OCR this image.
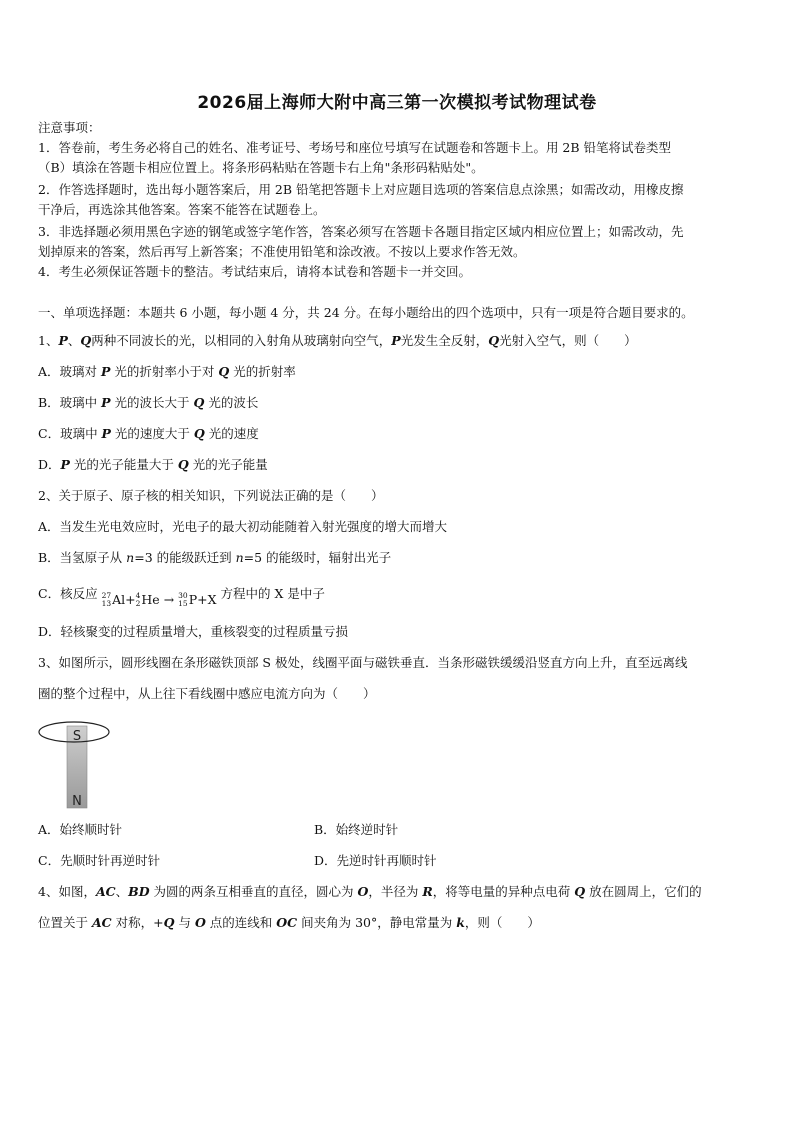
2026届上海师大附中高三第一次模拟考试物理试卷
注意事项：
1．答卷前，考生务必将自己的姓名、准考证号、考场号和座位号填写在试题卷和答题卡上。用 2B 铅笔将试卷类型
（B）填涂在答题卡相应位置上。将条形码粘贴在答题卡右上角"条形码粘贴处"。
2．作答选择题时，选出每小题答案后，用 2B 铅笔把答题卡上对应题目选项的答案信息点涂黑；如需改动，用橡皮擦
干净后，再选涂其他答案。答案不能答在试题卷上。
3．非选择题必须用黑色字迹的钢笔或签字笔作答，答案必须写在答题卡各题目指定区域内相应位置上；如需改动，先
划掉原来的答案，然后再写上新答案；不准使用铅笔和涂改液。不按以上要求作答无效。
4．考生必须保证答题卡的整洁。考试结束后，请将本试卷和答题卡一并交回。
一、单项选择题：本题共 6 小题，每小题 4 分，共 24 分。在每小题给出的四个选项中，只有一项是符合题目要求的。
1、P、Q两种不同波长的光，以相同的入射角从玻璃射向空气，P光发生全反射，Q光射入空气，则（　　）
A．玻璃对 P 光的折射率小于对 Q 光的折射率
B．玻璃中 P 光的波长大于 Q 光的波长
C．玻璃中 P 光的速度大于 Q 光的速度
D．P 光的光子能量大于 Q 光的光子能量
2、关于原子、原子核的相关知识，下列说法正确的是（　　）
A．当发生光电效应时，光电子的最大初动能随着入射光强度的增大而增大
B．当氢原子从 n=3 的能级跃迁到 n=5 的能级时，辐射出光子
C．核反应 27
13 Al+ 4
2 He
→
30
15 P+X 方程中的 X 是中子
D．轻核聚变的过程质量增大，重核裂变的过程质量亏损
3、如图所示，圆形线圈在条形磁铁顶部 S 极处，线圈平面与磁铁垂直．当条形磁铁缓缓沿竖直方向上升，直至远离线
圈的整个过程中，从上往下看线圈中感应电流方向为（　　）
S
N
A．始终顺时针	B．始终逆时针
C．先顺时针再逆时针	D．先逆时针再顺时针
4、如图，AC、BD 为圆的两条互相垂直的直径，圆心为 O，半径为 R，将等电量的异种点电荷 Q 放在圆周上，它们的
位置关于 AC 对称，+Q 与 O 点的连线和 OC 间夹角为 30°，静电常量为 k，则（　　）
